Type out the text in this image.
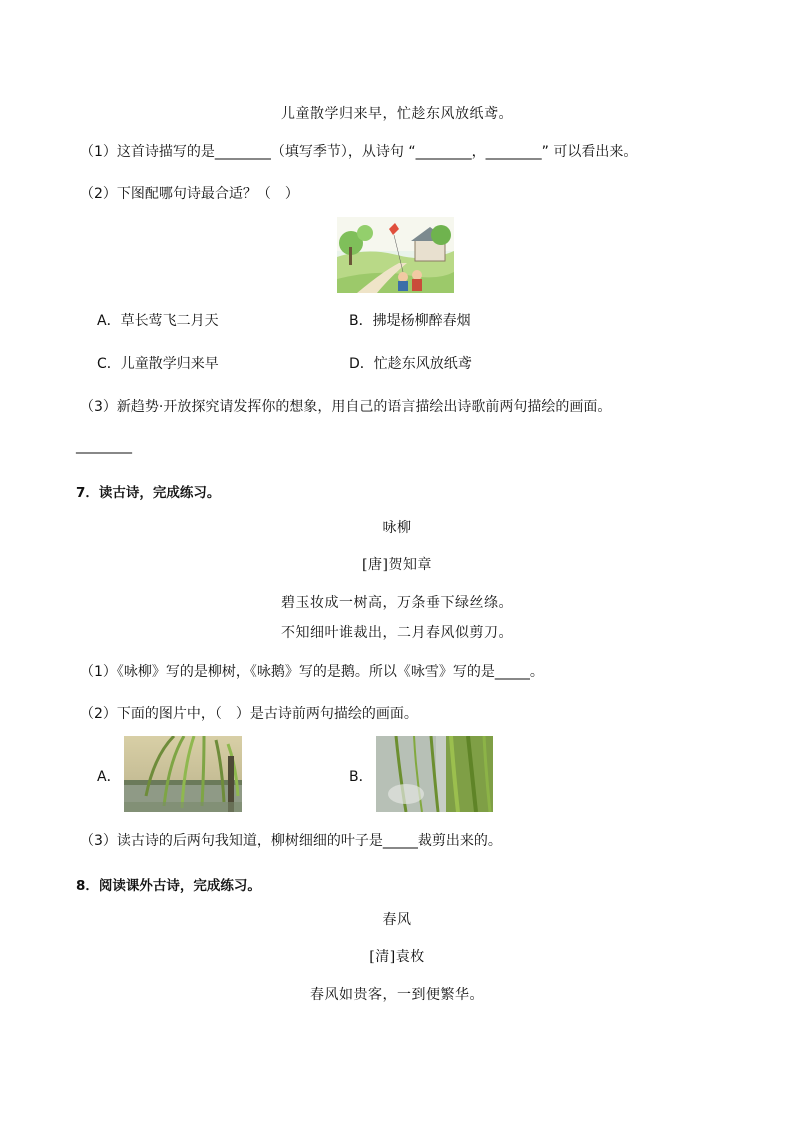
儿童散学归来早，忙趁东风放纸鸢。
（1）这首诗描写的是________（填写季节），从诗句 “________，________” 可以看出来。
（2）下图配哪句诗最合适？（　）
A．草长莺飞二月天	B．拂堤杨柳醉春烟
C．儿童散学归来早	D．忙趁东风放纸鸢
（3）新趋势·开放探究请发挥你的想象，用自己的语言描绘出诗歌前两句描绘的画面。
________
7．读古诗，完成练习。
咏柳
[唐]贺知章
碧玉妆成一树高，万条垂下绿丝绦。
不知细叶谁裁出，二月春风似剪刀。
（1）《咏柳》写的是柳树，《咏鹅》写的是鹅。所以《咏雪》写的是_____。
（2）下面的图片中，（　）是古诗前两句描绘的画面。
A．	B．
（3）读古诗的后两句我知道，柳树细细的叶子是_____裁剪出来的。
8．阅读课外古诗，完成练习。
春风
[清]袁枚
春风如贵客，一到便繁华。
